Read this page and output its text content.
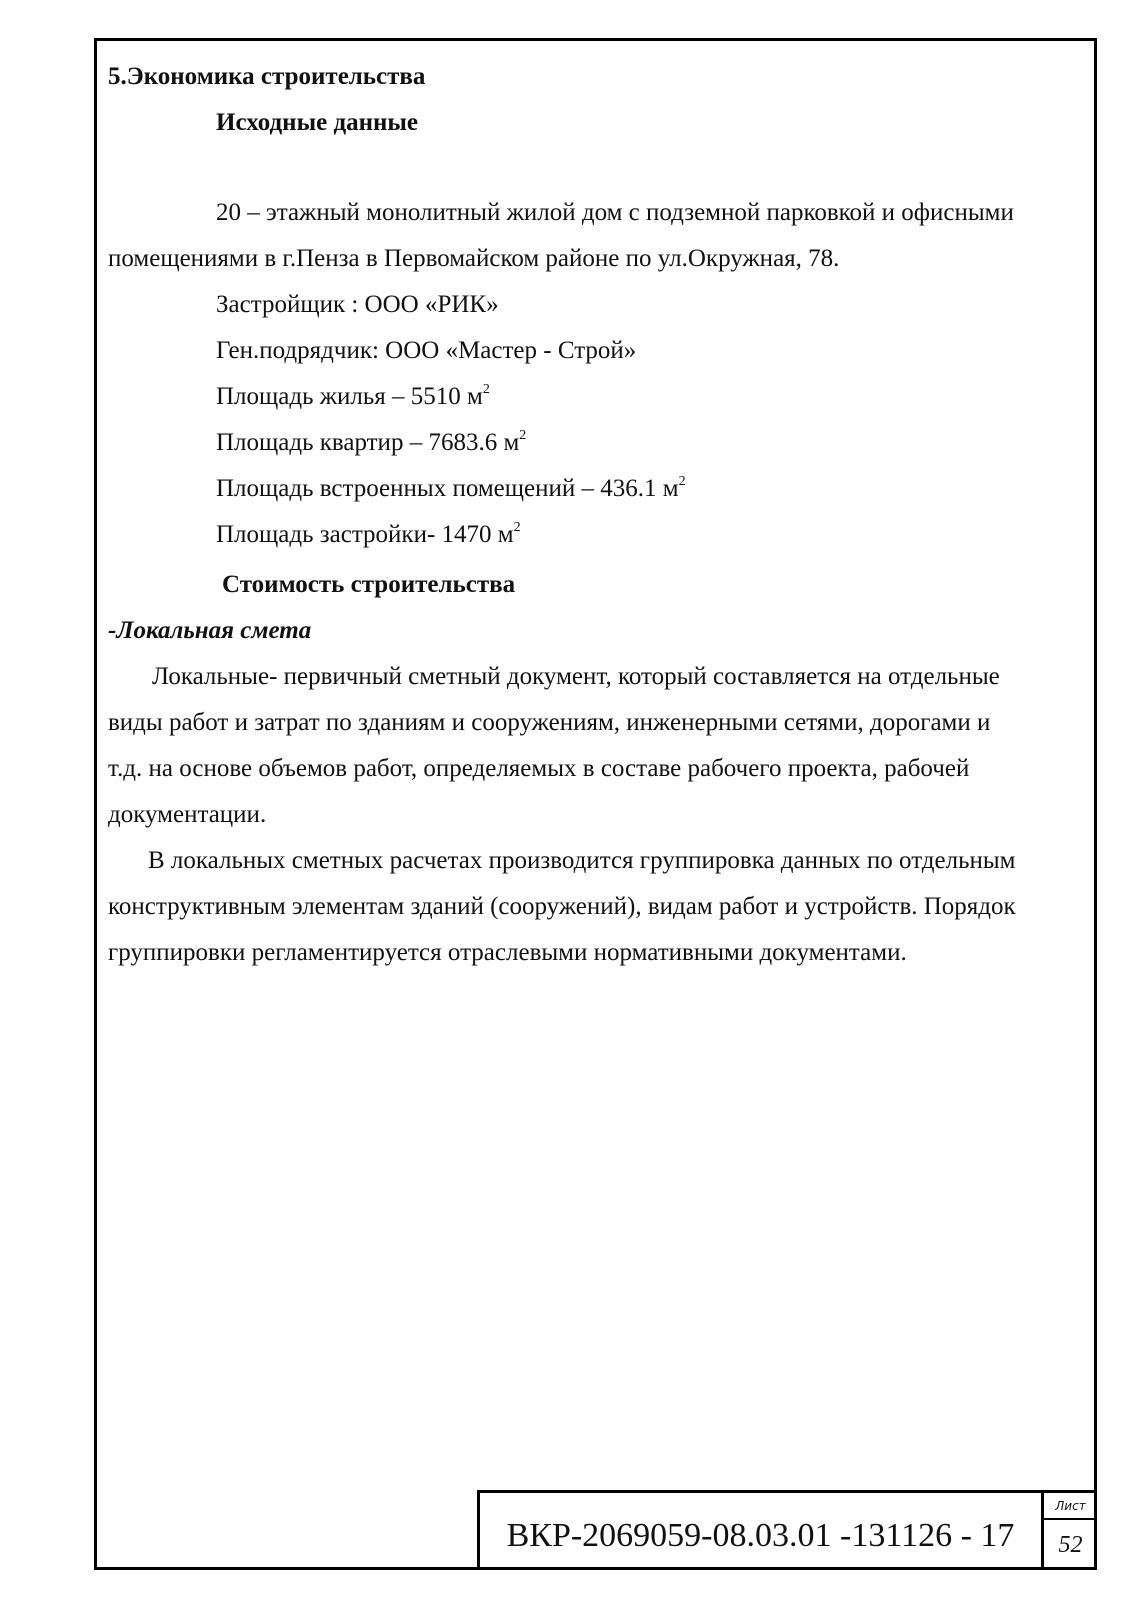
5.Экономика строительства
Исходные данные
20 – этажный монолитный жилой дом с подземной парковкой и офисными
помещениями в г.Пенза в Первомайском районе по ул.Окружная, 78.
Застройщик : ООО «РИК»
Ген.подрядчик: ООО «Мастер - Строй»
Площадь жилья – 5510 $м^2$
Площадь квартир – 7683.6 $м^2$
Площадь встроенных помещений – 436.1 $м^2$
Площадь застройки- 1470 $м^2$
Стоимость строительства
-Локальная смета
Локальные- первичный сметный документ, который составляется на отдельные
виды работ и затрат по зданиям и сооружениям, инженерными сетями, дорогами и
т.д. на основе объемов работ, определяемых в составе рабочего проекта, рабочей
документации.
В локальных сметных расчетах производится группировка данных по отдельным
конструктивным элементам зданий (сооружений), видам работ и устройств. Порядок
группировки регламентируется отраслевыми нормативными документами.
ВКР-2069059-08.03.01 -131126 - 17
Лист
52
